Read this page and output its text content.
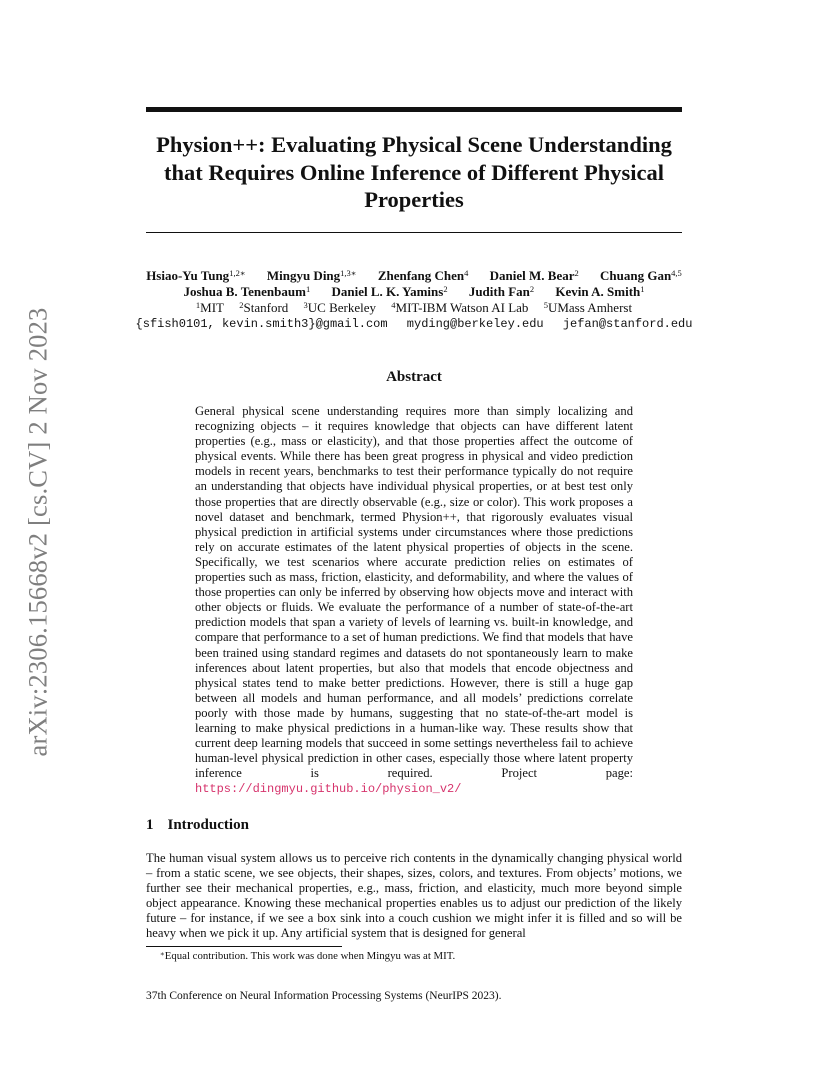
arXiv:2306.15668v2 [cs.CV] 2 Nov 2023
Physion++: Evaluating Physical Scene Understanding that Requires Online Inference of Different Physical Properties
Hsiao-Yu Tung$^{1,2∗}$ Mingyu Ding$^{1,3∗}$ Zhenfang Chen$^4$ Daniel M. Bear$^2$ Chuang Gan$^{4,5}$
Joshua B. Tenenbaum$^1$ Daniel L. K. Yamins$^2$ Judith Fan$^2$ Kevin A. Smith$^1$
$^1$MIT $^2$Stanford $^3$UC Berkeley $^4$MIT-IBM Watson AI Lab $^5$UMass Amherst
{sfish0101, kevin.smith3}@gmail.com myding@berkeley.edu jefan@stanford.edu
Abstract
General physical scene understanding requires more than simply localizing and recognizing objects – it requires knowledge that objects can have different latent properties (e.g., mass or elasticity), and that those properties affect the outcome of physical events. While there has been great progress in physical and video prediction models in recent years, benchmarks to test their performance typically do not require an understanding that objects have individual physical properties, or at best test only those properties that are directly observable (e.g., size or color). This work proposes a novel dataset and benchmark, termed Physion++, that rigorously evaluates visual physical prediction in artificial systems under circumstances where those predictions rely on accurate estimates of the latent physical properties of objects in the scene. Specifically, we test scenarios where accurate prediction relies on estimates of properties such as mass, friction, elasticity, and deformability, and where the values of those properties can only be inferred by observing how objects move and interact with other objects or fluids. We evaluate the performance of a number of state-of-the-art prediction models that span a variety of levels of learning vs. built-in knowledge, and compare that performance to a set of human predictions. We find that models that have been trained using standard regimes and datasets do not spontaneously learn to make inferences about latent properties, but also that models that encode objectness and physical states tend to make better predictions. However, there is still a huge gap between all models and human performance, and all models’ predictions correlate poorly with those made by humans, suggesting that no state-of-the-art model is learning to make physical predictions in a human-like way. These results show that current deep learning models that succeed in some settings nevertheless fail to achieve human-level physical prediction in other cases, especially those where latent property inference is required. Project page: https://dingmyu.github.io/physion_v2/
1 Introduction
The human visual system allows us to perceive rich contents in the dynamically changing physical world – from a static scene, we see objects, their shapes, sizes, colors, and textures. From objects’ motions, we further see their mechanical properties, e.g., mass, friction, and elasticity, much more beyond simple object appearance. Knowing these mechanical properties enables us to adjust our prediction of the likely future – for instance, if we see a box sink into a couch cushion we might infer it is filled and so will be heavy when we pick it up. Any artificial system that is designed for general
∗Equal contribution. This work was done when Mingyu was at MIT.
37th Conference on Neural Information Processing Systems (NeurIPS 2023).
